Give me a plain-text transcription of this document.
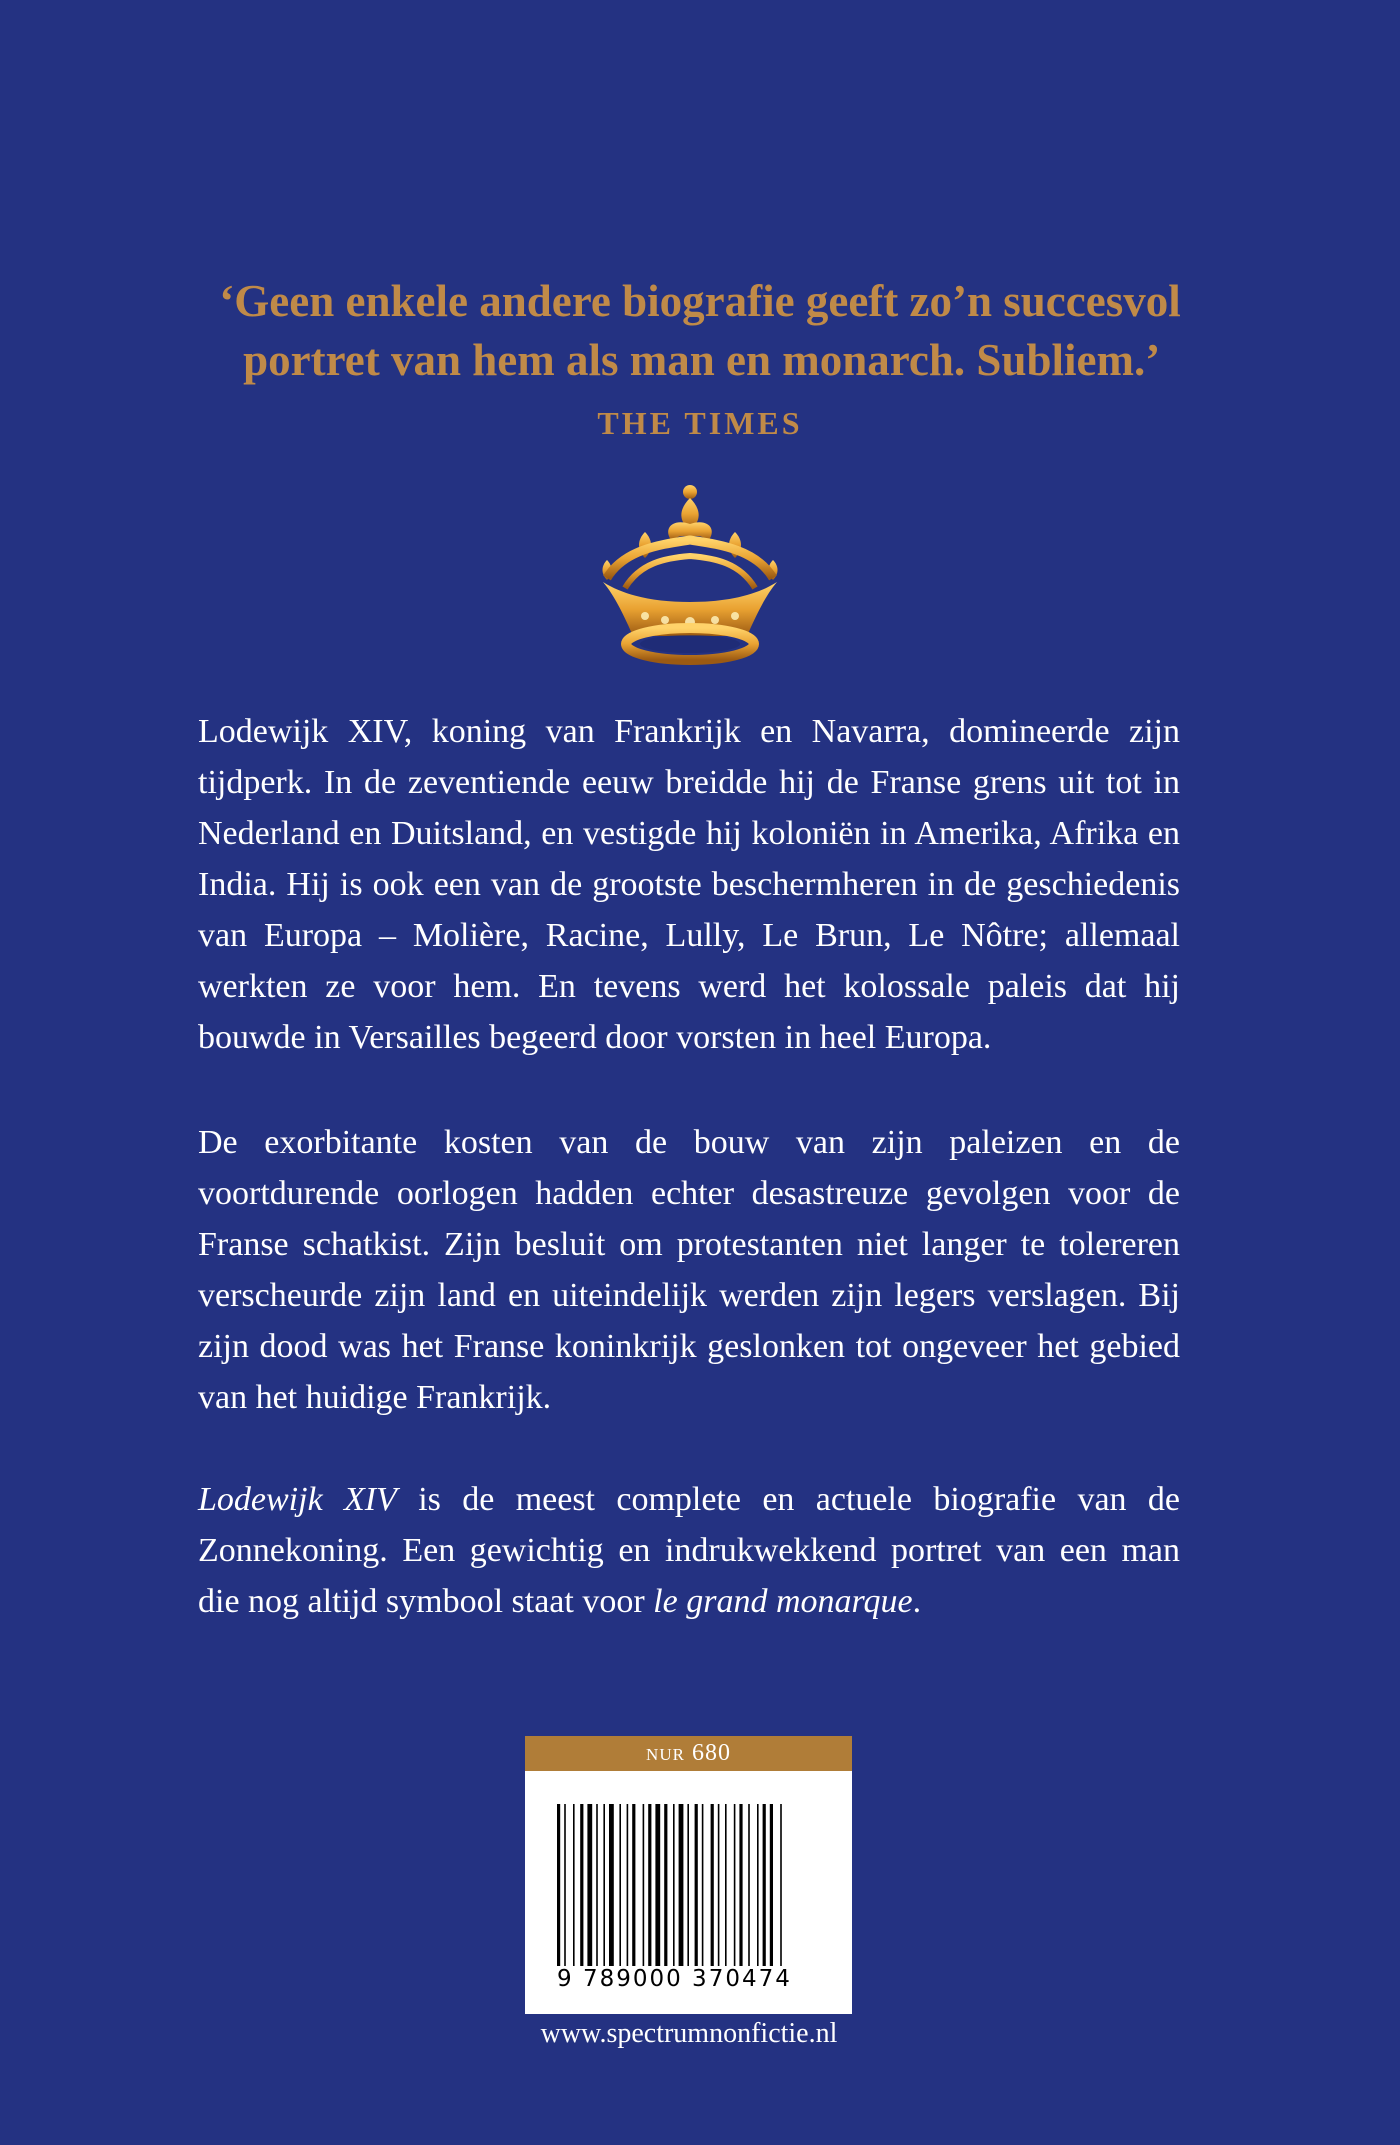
‘Geen enkele andere biografie geeft zo’n succesvol portret van hem als man en monarch. Subliem.’ THE TIMES

Lodewijk XIV, koning van Frankrijk en Navarra, domineerde zijn tijdperk. In de zeventiende eeuw breidde hij de Franse grens uit tot in Nederland en Duitsland, en vestigde hij koloniën in Amerika, Afrika en India. Hij is ook een van de grootste beschermheren in de geschiedenis van Europa – Molière, Racine, Lully, Le Brun, Le Nôtre; allemaal werkten ze voor hem. En tevens werd het kolossale paleis dat hij bouwde in Versailles begeerd door vorsten in heel Europa.

De exorbitante kosten van de bouw van zijn paleizen en de voortdurende oorlogen hadden echter desastreuze gevolgen voor de Franse schatkist. Zijn besluit om protestanten niet langer te tolereren verscheurde zijn land en uiteindelijk werden zijn legers verslagen. Bij zijn dood was het Franse koninkrijk geslonken tot ongeveer het gebied van het huidige Frankrijk.

Lodewijk XIV is de meest complete en actuele biografie van de Zonnekoning. Een gewichtig en indrukwekkend portret van een man die nog altijd symbool staat voor le grand monarque.

nur 680
9 789000 370474
www.spectrumnonfictie.nl
